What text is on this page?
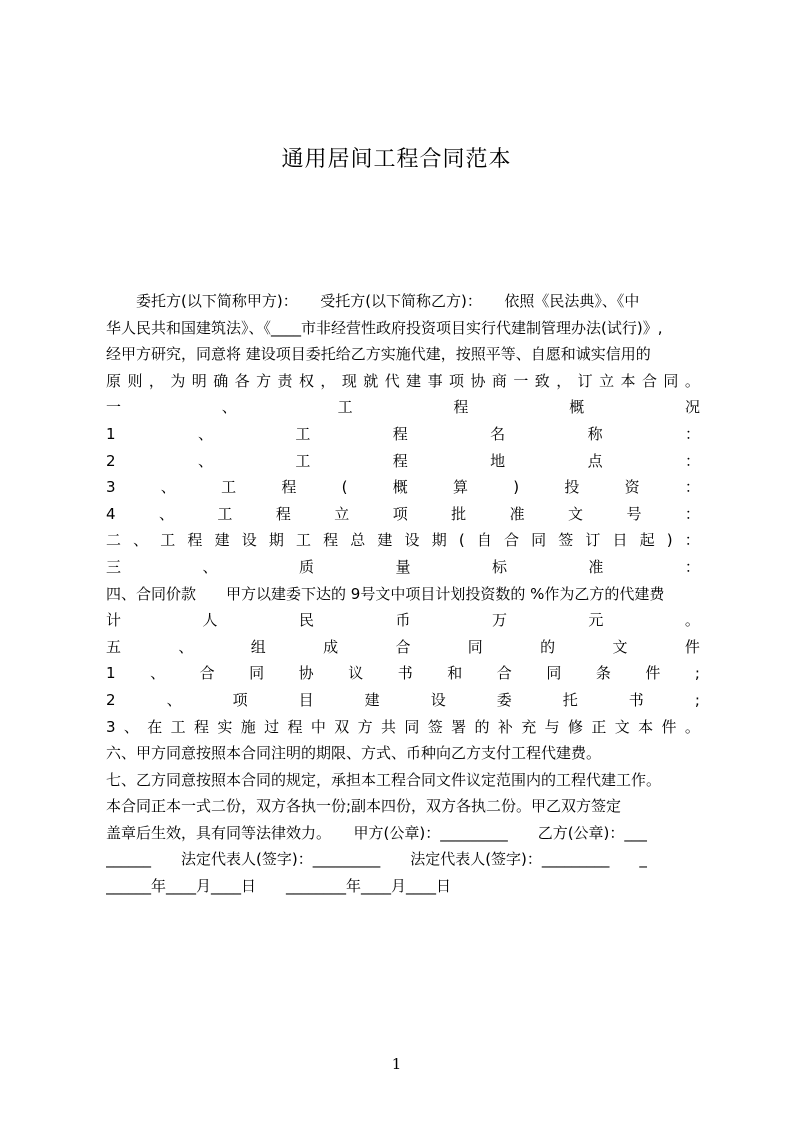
通用居间工程合同范本
　　委托方(以下简称甲方)：　　受托方(以下简称乙方)：　　依照《民法典》、《中
华人民共和国建筑法》、《____市非经营性政府投资项目实行代建制管理办法(试行)》,
经甲方研究，同意将 建设项目委托给乙方实施代建，按照平等、自愿和诚实信用的
原 则 ， 为 明 确 各 方 责 权 ， 现 就 代 建 事 项 协 商 一 致 ， 订 立 本 合 同 。
一	、	工	程	概	况
1	、	工	程	名	称	：
2	、	工	程	地	点	：
3	、	工	程	(	概	算	)	投	资	：
4	、	工	程	立	项	批	准	文	号	：
二 、 工 程 建 设 期 工 程 总 建 设 期 ( 自 合 同 签 订 日 起 ) ：
三	、	质	量	标	准	：
四、合同价款　　甲方以建委下达的 9号文中项目计划投资数的 %作为乙方的代建费
计	人	民	币	万	元	。
五	、	组	成	合	同	的	文	件
1 、 合 同 协 议 书 和 合 同 条 件 ;
2	、	项	目	建	设	委	托	书	;
3 、 在 工 程 实 施 过 程 中 双 方 共 同 签 署 的 补 充 与 修 正 文 本 件 。
六、甲方同意按照本合同注明的期限、方式、币种向乙方支付工程代建费。
七、乙方同意按照本合同的规定，承担本工程合同文件议定范围内的工程代建工作。
本合同正本一式二份，双方各执一份;副本四份，双方各执二份。甲乙双方签定
盖章后生效，具有同等法律效力。　　甲方(公章)：_________　　乙方(公章)：___
______　　法定代表人(签字)：_________　　法定代表人(签字)：_________　　_
______年____月____日　　________年____月____日
1
